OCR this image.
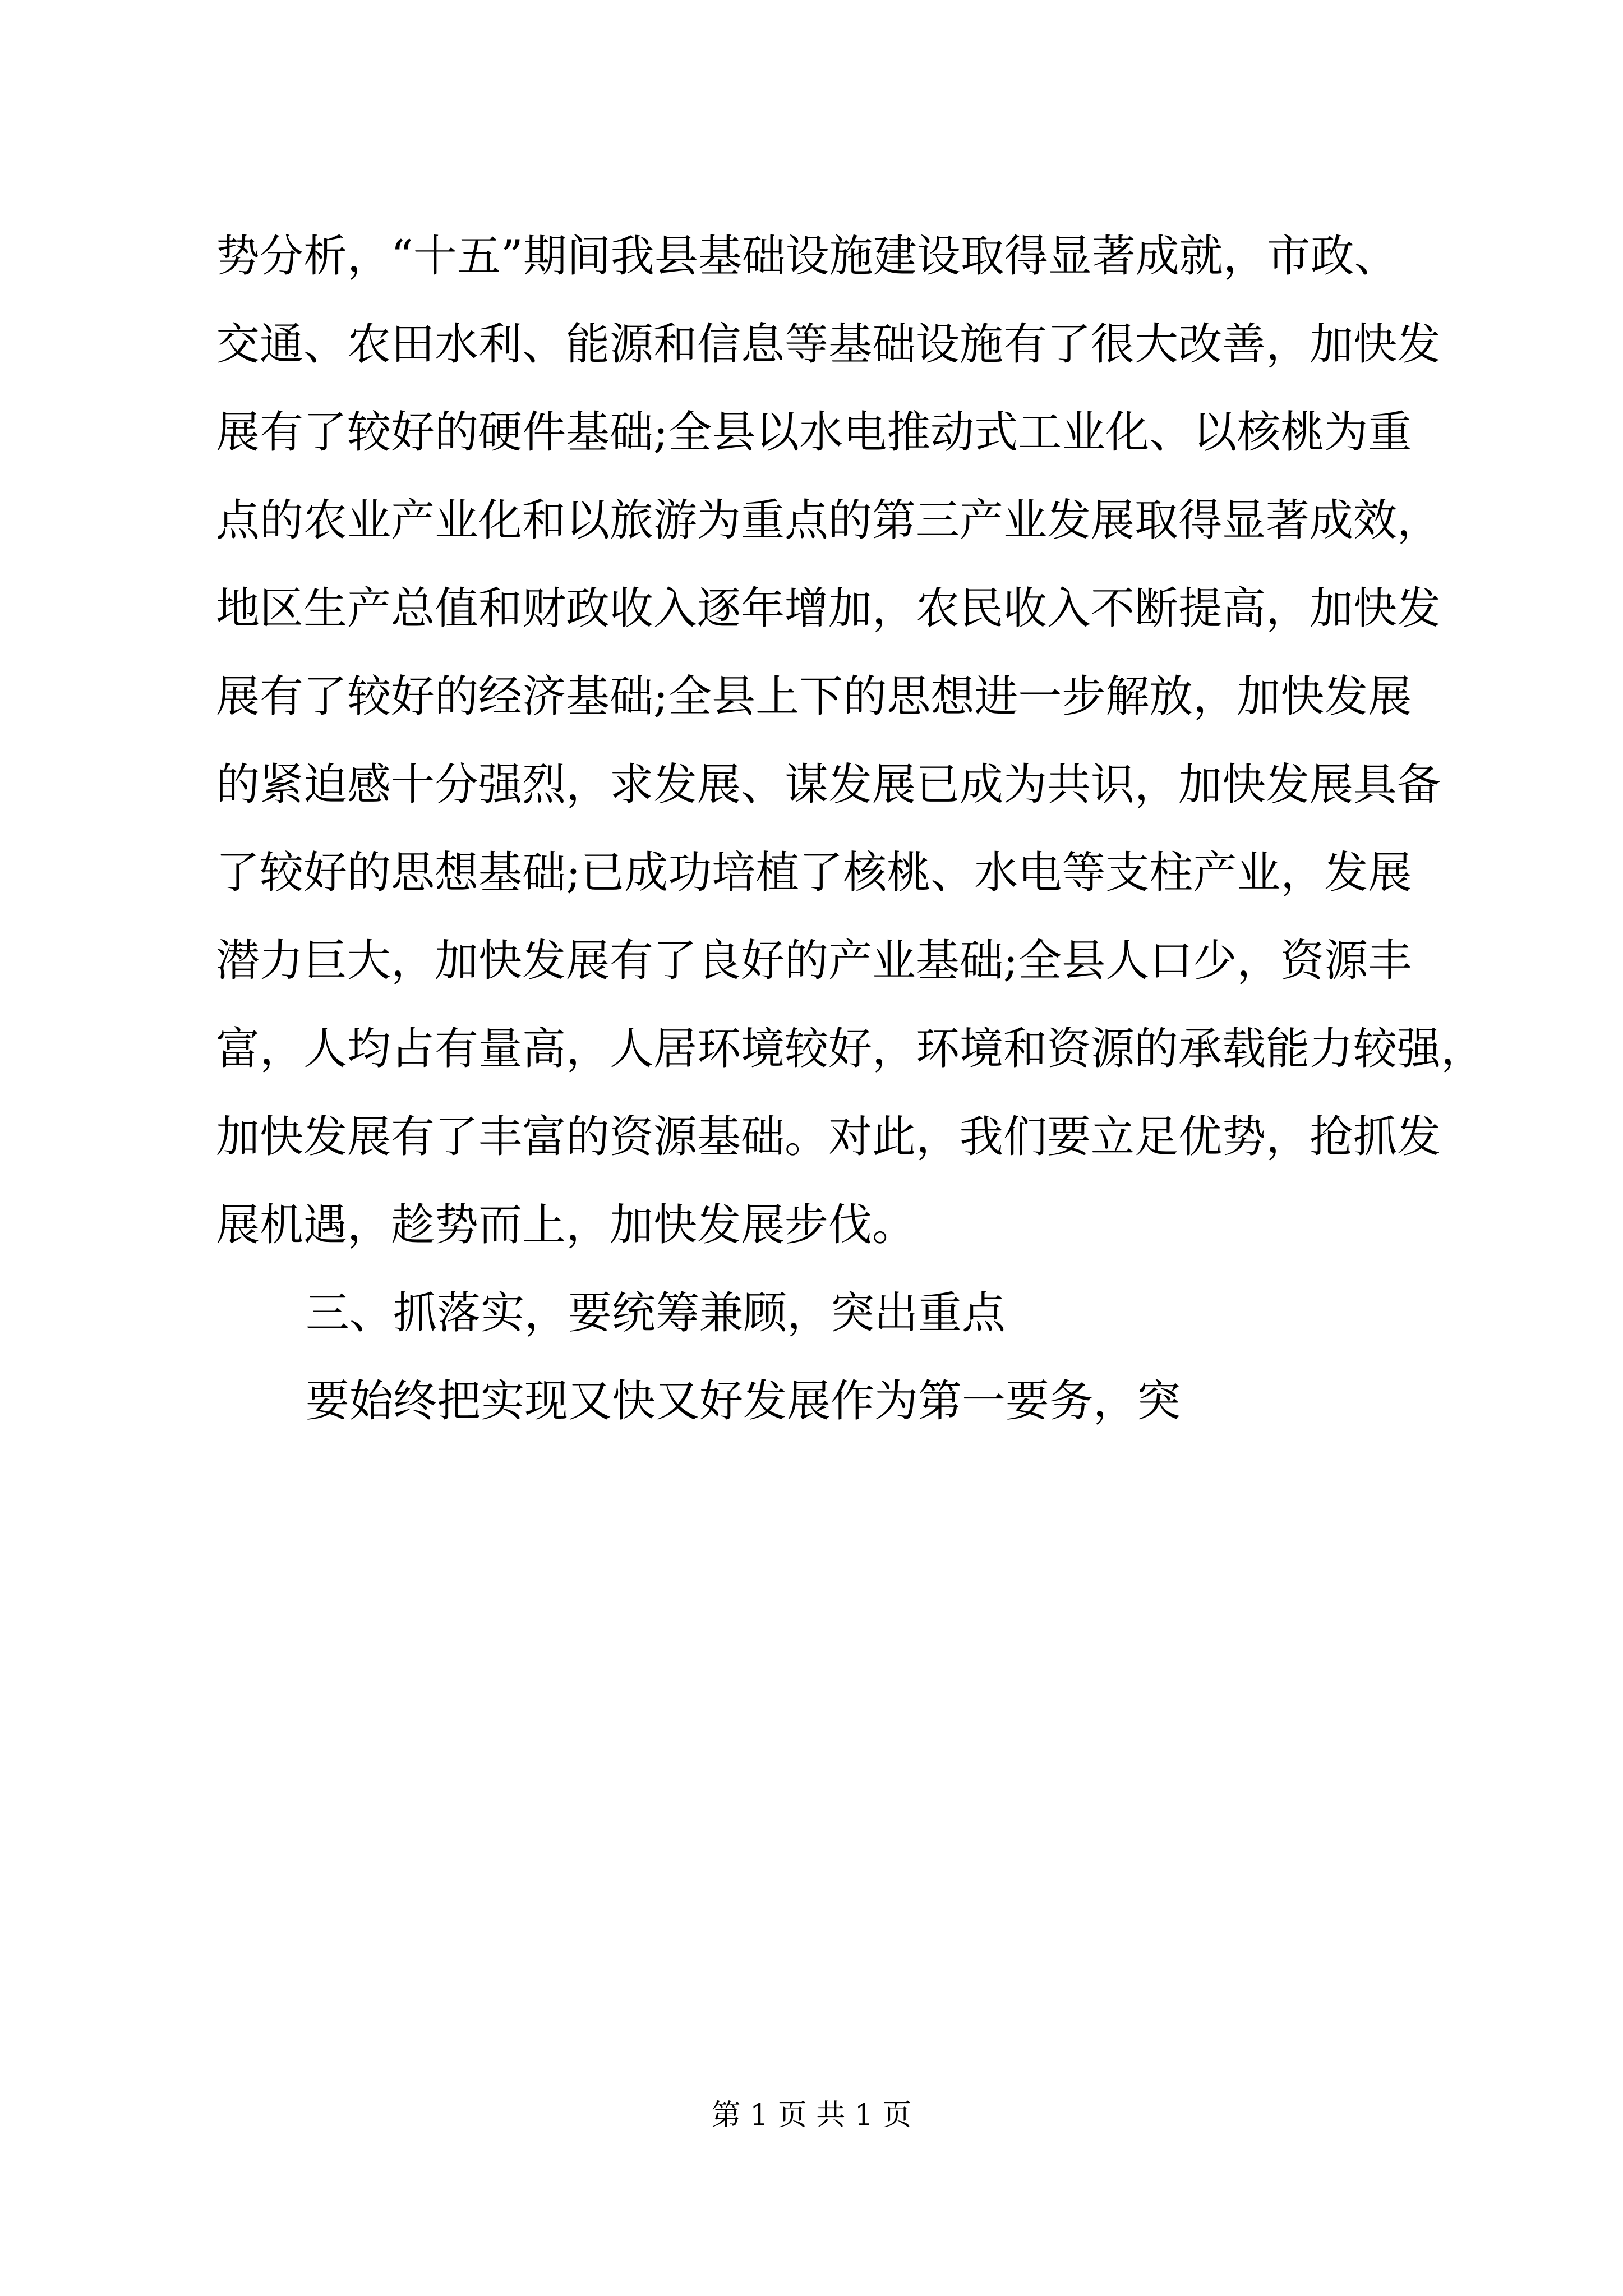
势分析，“十五”期间我县基础设施建设取得显著成就，市政、

交通、农田水利、能源和信息等基础设施有了很大改善，加快发

展有了较好的硬件基础;全县以水电推动式工业化、以核桃为重

点的农业产业化和以旅游为重点的第三产业发展取得显著成效，

地区生产总值和财政收入逐年增加，农民收入不断提高，加快发

展有了较好的经济基础;全县上下的思想进一步解放，加快发展

的紧迫感十分强烈，求发展、谋发展已成为共识，加快发展具备

了较好的思想基础;已成功培植了核桃、水电等支柱产业，发展

潜力巨大，加快发展有了良好的产业基础;全县人口少，资源丰

富，人均占有量高，人居环境较好，环境和资源的承载能力较强，

加快发展有了丰富的资源基础。对此，我们要立足优势，抢抓发

展机遇，趁势而上，加快发展步伐。

三、抓落实，要统筹兼顾，突出重点

要始终把实现又快又好发展作为第一要务，突

第 1 页 共 1 页
